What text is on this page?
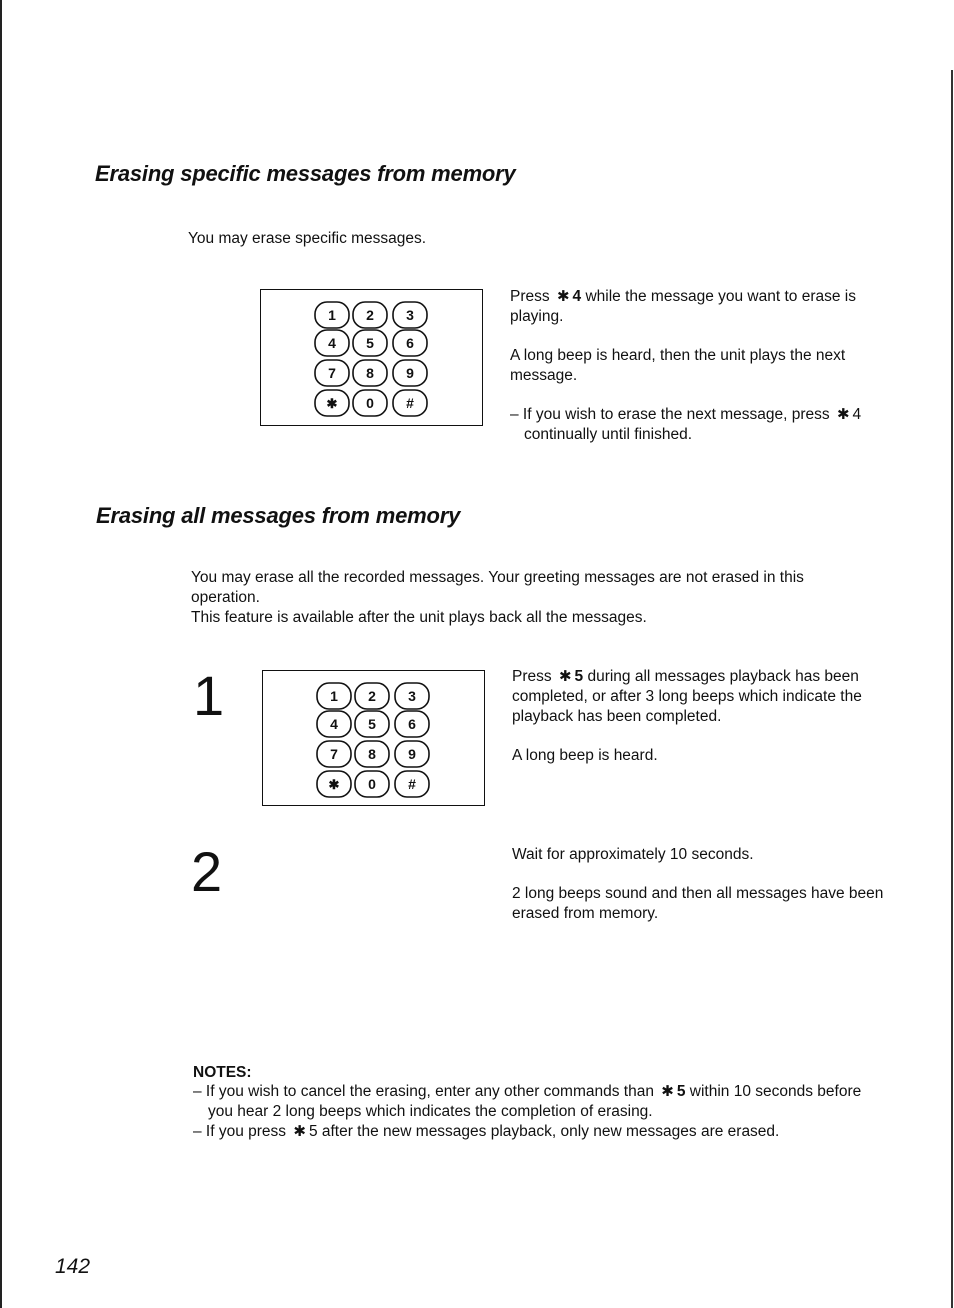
Erasing specific messages from memory
You may erase specific messages.
1 2 3
4 5 6
7 8 9
✱ 0 #

Press ✱ 4 while the message you want to erase is playing.

A long beep is heard, then the unit plays the next message.

– If you wish to erase the next message, press ✱ 4 continually until finished.

Erasing all messages from memory

You may erase all the recorded messages. Your greeting messages are not erased in this operation.

This feature is available after the unit plays back all the messages.

1	1 2 3
4 5 6
7 8 9
✱ 0 #

Press ✱ 5 during all messages playback has been completed, or after 3 long beeps which indicate the playback has been completed.

A long beep is heard.

2	Wait for approximately 10 seconds.

2 long beeps sound and then all messages have been erased from memory.

NOTES:
– If you wish to cancel the erasing, enter any other commands than ✱ 5 within 10 seconds before you hear 2 long beeps which indicates the completion of erasing.
– If you press ✱ 5 after the new messages playback, only new messages are erased.
142
